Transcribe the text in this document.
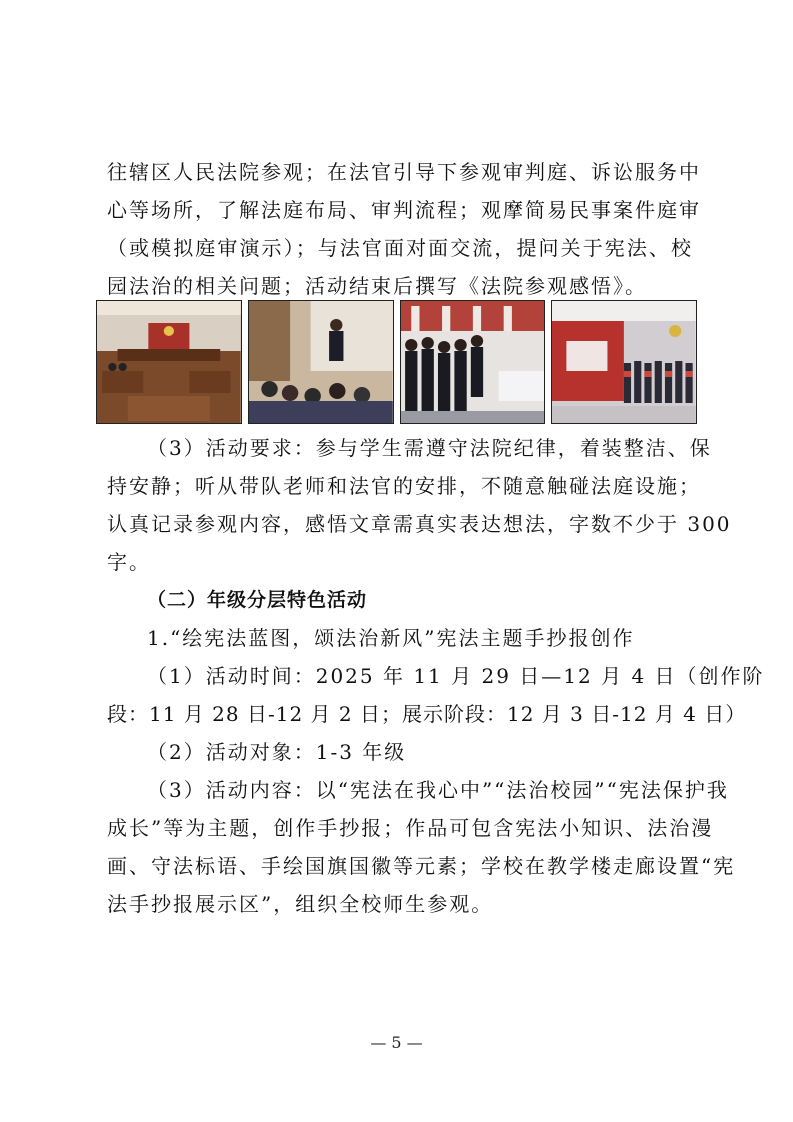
往辖区人民法院参观；在法官引导下参观审判庭、诉讼服务中
心等场所，了解法庭布局、审判流程；观摩简易民事案件庭审
（或模拟庭审演示）；与法官面对面交流，提问关于宪法、校
园法治的相关问题；活动结束后撰写《法院参观感悟》。
（3）活动要求：参与学生需遵守法院纪律，着装整洁、保
持安静；听从带队老师和法官的安排，不随意触碰法庭设施；
认真记录参观内容，感悟文章需真实表达想法，字数不少于 300
字。
（二）年级分层特色活动
1.“绘宪法蓝图，颂法治新风”宪法主题手抄报创作
（1）活动时间：2025 年 11 月 29 日—12 月 4 日（创作阶
段：11 月 28 日-12 月 2 日；展示阶段：12 月 3 日-12 月 4 日）
（2）活动对象：1-3 年级
（3）活动内容：以“宪法在我心中”“法治校园”“宪法保护我
成长”等为主题，创作手抄报；作品可包含宪法小知识、法治漫
画、守法标语、手绘国旗国徽等元素；学校在教学楼走廊设置“宪
法手抄报展示区”，组织全校师生参观。
— 5 —
